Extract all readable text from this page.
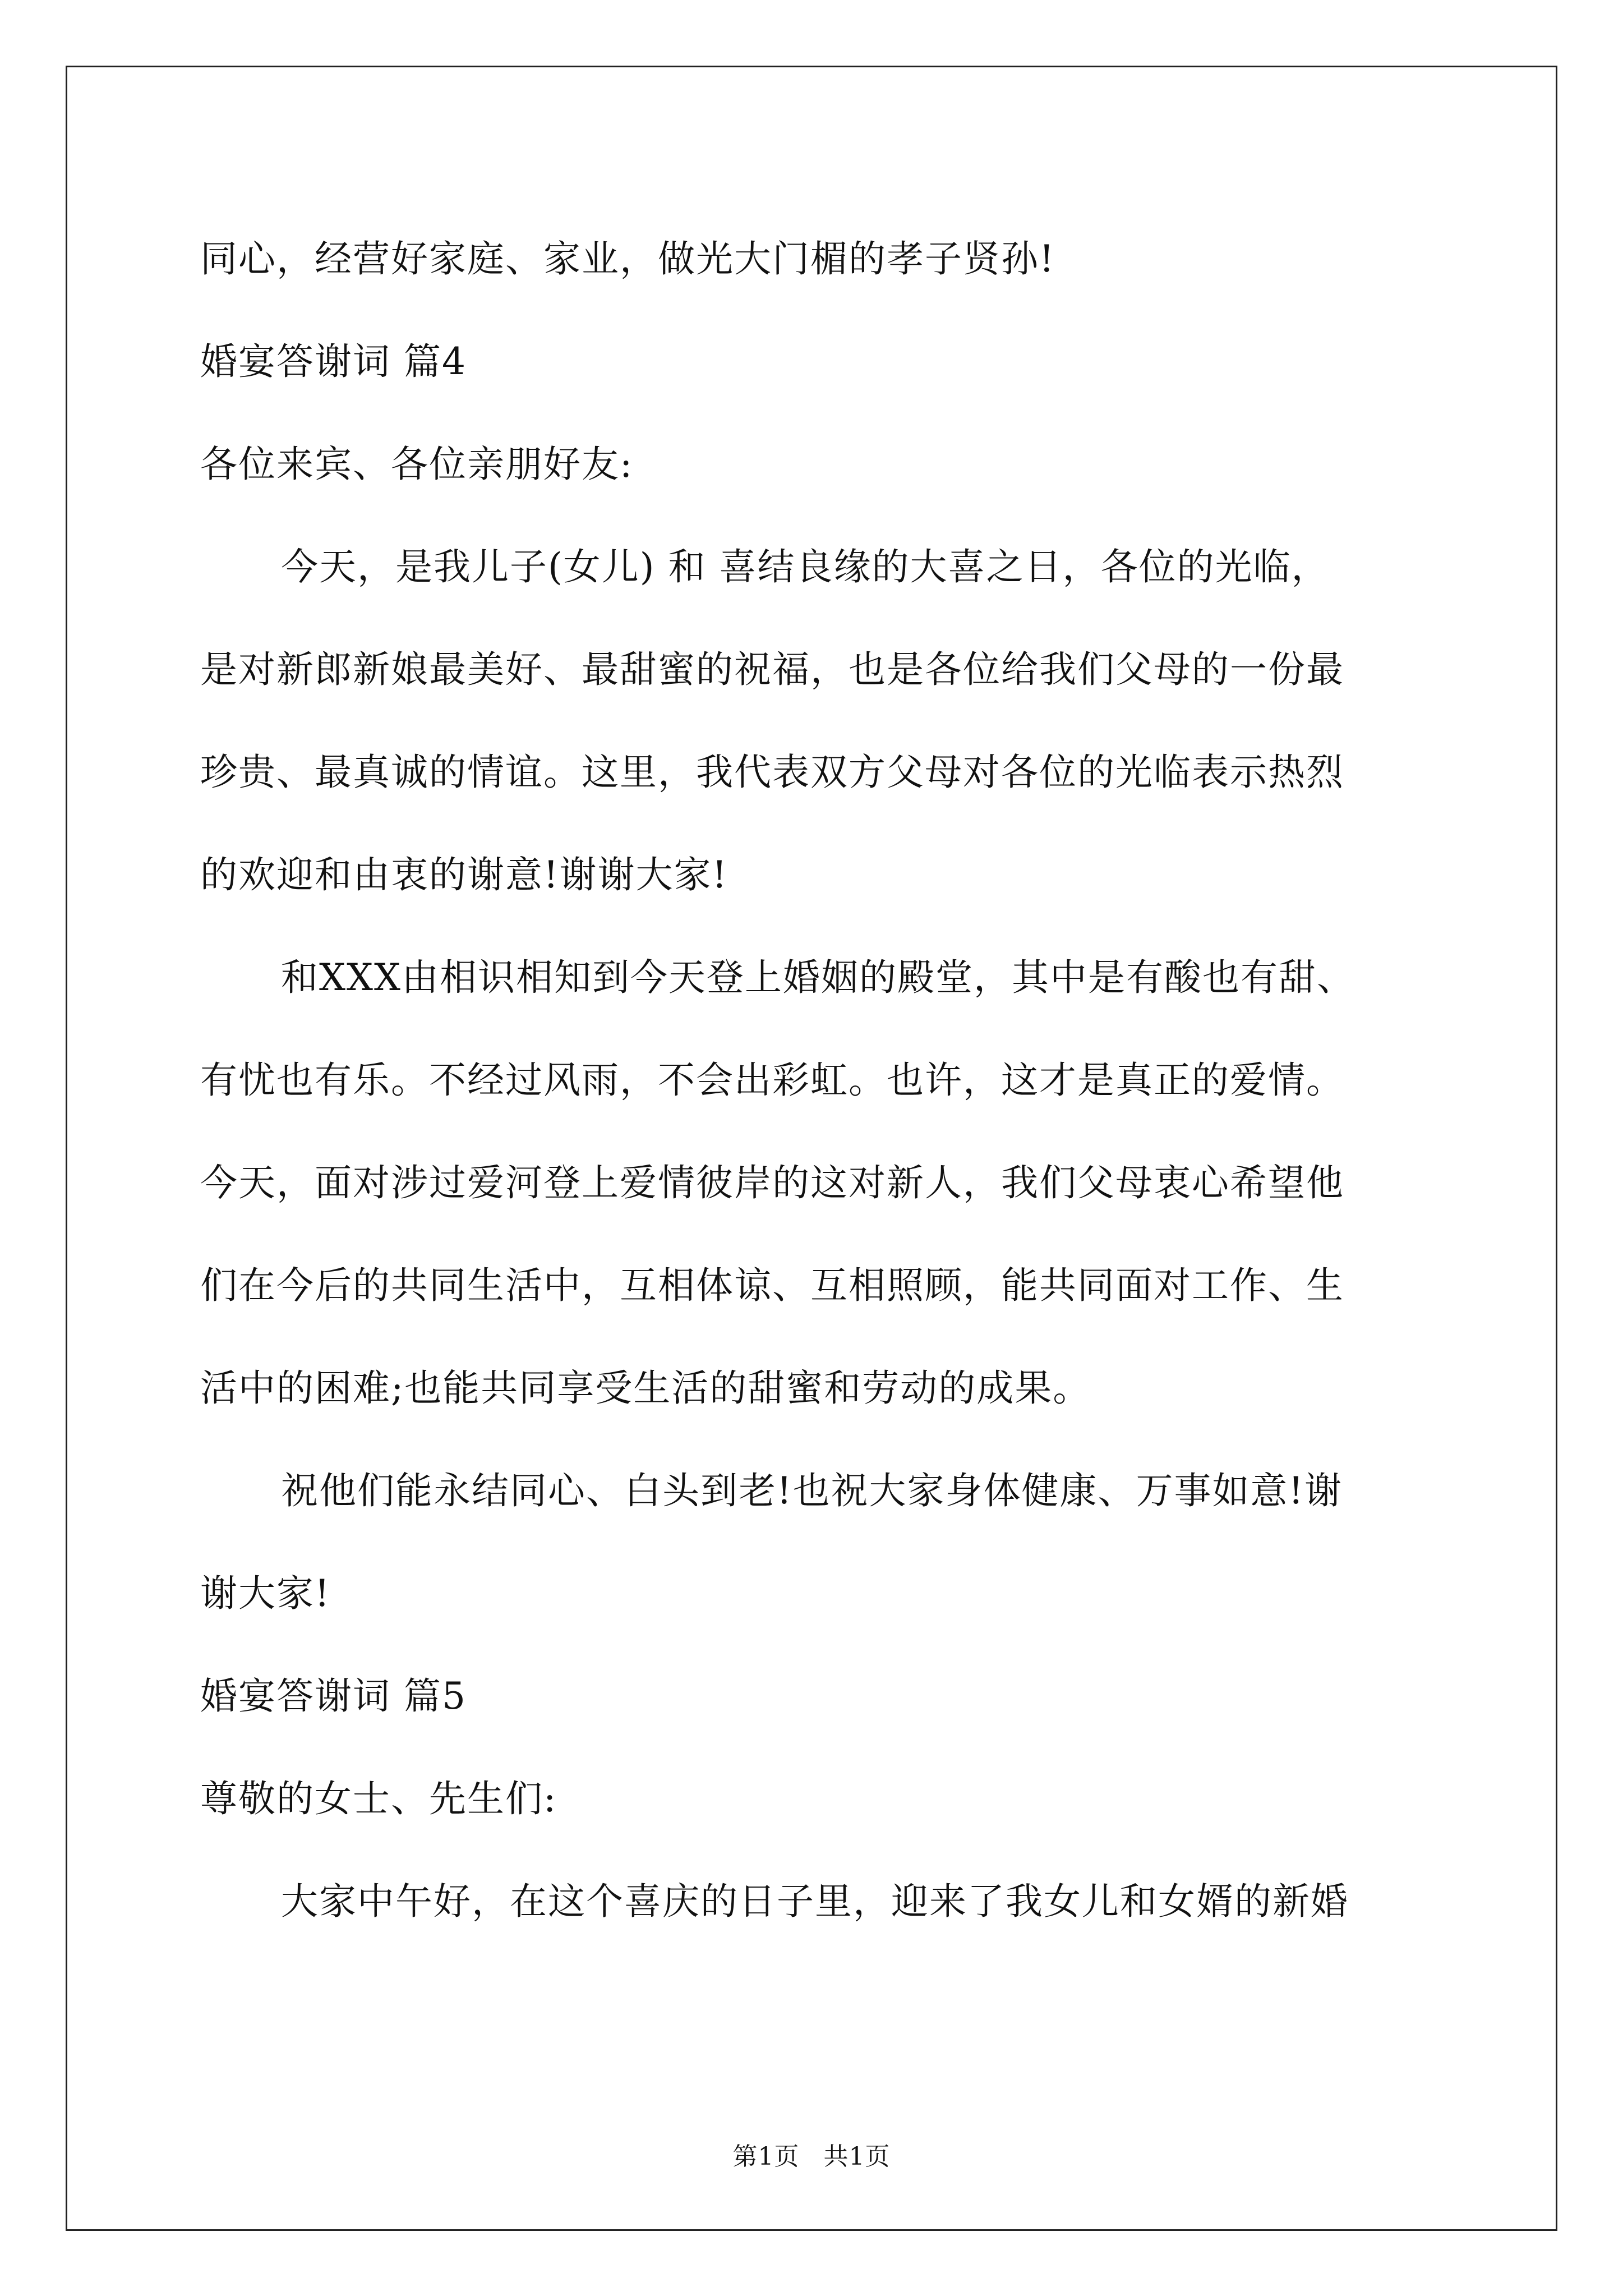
同心，经营好家庭、家业，做光大门楣的孝子贤孙!

婚宴答谢词 篇4

各位来宾、各位亲朋好友:

今天，是我儿子(女儿) 和 喜结良缘的大喜之日，各位的光临，

是对新郎新娘最美好、最甜蜜的祝福，也是各位给我们父母的一份最

珍贵、最真诚的情谊。这里，我代表双方父母对各位的光临表示热烈

的欢迎和由衷的谢意!谢谢大家!

和XXX由相识相知到今天登上婚姻的殿堂，其中是有酸也有甜、

有忧也有乐。不经过风雨，不会出彩虹。也许，这才是真正的爱情。

今天，面对涉过爱河登上爱情彼岸的这对新人，我们父母衷心希望他

们在今后的共同生活中，互相体谅、互相照顾，能共同面对工作、生

活中的困难;也能共同享受生活的甜蜜和劳动的成果。

祝他们能永结同心、白头到老!也祝大家身体健康、万事如意!谢

谢大家!

婚宴答谢词 篇5

尊敬的女士、先生们:

大家中午好，在这个喜庆的日子里，迎来了我女儿和女婿的新婚

第1页 共1页
